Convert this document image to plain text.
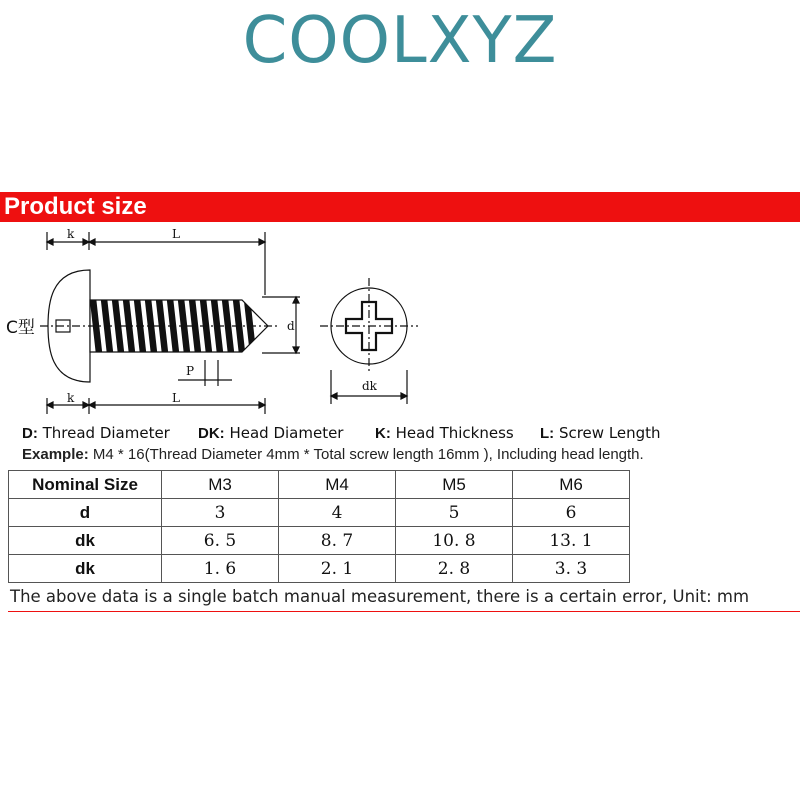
COOLXYZ
Product size
k	L
k	L
d
P
C型
dk
D: Thread Diameter DK: Head Diameter K: Head Thickness L: Screw Length
Example: M4 * 16(Thread Diameter 4mm * Total screw length 16mm ), Including head length.
Nominal Size	M3	M4	M5	M6
d	3	4	5	6
dk	6. 5	8. 7	10. 8	13. 1
dk	1. 6	2. 1	2. 8	3. 3
The above data is a single batch manual measurement, there is a certain error, Unit: mm
